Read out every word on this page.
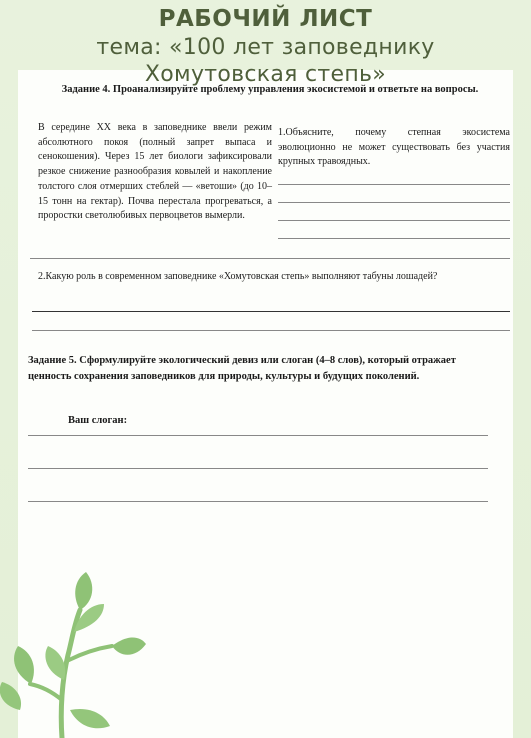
РАБОЧИЙ ЛИСТ
тема: «100 лет заповеднику
Задание 4. Проанализируйте проблему управления экосистемой и ответьте на вопросы.
Хомутовская степь»
В середине XX века в заповеднике ввели режим абсолютного покоя (полный запрет выпаса и сенокошения). Через 15 лет биологи зафиксировали резкое снижение разнообразия ковылей и накопление толстого слоя отмерших стеблей — «ветоши» (до 10–15 тонн на гектар). Почва перестала прогреваться, а проростки светолюбивых первоцветов вымерли.
1.Объясните, почему степная экосистема эволюционно не может существовать без участия крупных травоядных.
2.Какую роль в современном заповеднике «Хомутовская степь» выполняют табуны лошадей?
Задание 5. Сформулируйте экологический девиз или слоган (4–8 слов), который отражает ценность сохранения заповедников для природы, культуры и будущих поколений.
Ваш слоган:
